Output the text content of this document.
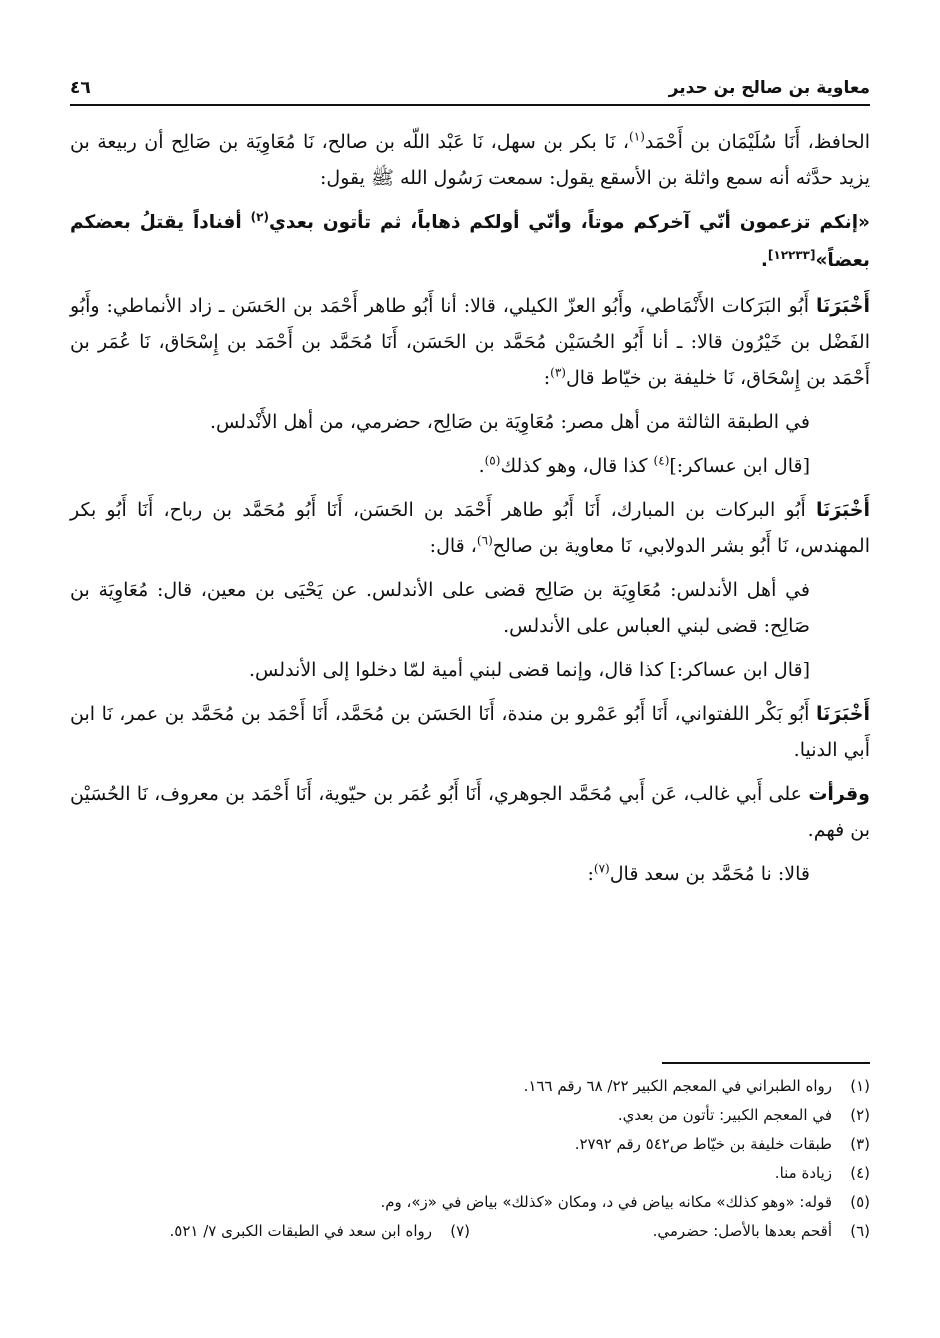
معاوية بن صالح بن حدير
٤٦

الحافظ، أَنَا سُلَيْمَان بن أَحْمَد$^{(١)}$، نَا بكر بن سهل، نَا عَبْد اللّه بن صالح، نَا مُعَاوِيَة بن صَالِح أن ربيعة بن يزيد حدَّثه أنه سمع واثلة بن الأسقع يقول: سمعت رَسُول الله ﷺ يقول:

«إنكم تزعمون أنّي آخركم موتاً، وأنّي أولكم ذهاباً، ثم تأتون بعدي$^{(٢)}$ أفناداً يقتلُ بعضكم بعضاً»[١٢٢٣٣].

أَخْبَرَنَا أَبُو البَرَكات الأَنْمَاطي، وأَبُو العزّ الكيلي، قالا: أنا أَبُو طاهر أَحْمَد بن الحَسَن ـ زاد الأنماطي: وأَبُو الفَضْل بن خَيْرُون قالا: ـ أنا أَبُو الحُسَيْن مُحَمَّد بن الحَسَن، أَنَا مُحَمَّد بن أَحْمَد بن إِسْحَاق، نَا عُمَر بن أَحْمَد بن إِسْحَاق، نَا خليفة بن خيّاط قال$^{(٣)}$:

في الطبقة الثالثة من أهل مصر: مُعَاوِيَة بن صَالِح، حضرمي، من أهل الأَنْدلس.

[قال ابن عساكر:]$^{(٤)}$ كذا قال، وهو كذلك$^{(٥)}$.

أَخْبَرَنَا أَبُو البركات بن المبارك، أَنَا أَبُو طاهر أَحْمَد بن الحَسَن، أَنَا أَبُو مُحَمَّد بن رباح، أَنَا أَبُو بكر المهندس، نَا أَبُو بشر الدولابي، نَا معاوية بن صالح$^{(٦)}$، قال:

في أهل الأندلس: مُعَاوِيَة بن صَالِح قضى على الأندلس. عن يَحْيَى بن معين، قال: مُعَاوِيَة بن صَالِح: قضى لبني العباس على الأندلس.

[قال ابن عساكر:] كذا قال، وإنما قضى لبني أمية لمّا دخلوا إلى الأندلس.

أَخْبَرَنَا أَبُو بَكْر اللفتواني، أَنَا أَبُو عَمْرو بن مندة، أَنَا الحَسَن بن مُحَمَّد، أَنَا أَحْمَد بن مُحَمَّد بن عمر، نَا ابن أَبي الدنيا.

وقرأت على أَبي غالب، عَن أَبي مُحَمَّد الجوهري، أَنَا أَبُو عُمَر بن حيّوية، أَنَا أَحْمَد بن معروف، نَا الحُسَيْن بن فهم.

قالا: نا مُحَمَّد بن سعد قال$^{(٧)}$:

(١)
رواه الطبراني في المعجم الكبير ٢٢/ ٦٨ رقم ١٦٦.
(٢)
في المعجم الكبير: تأتون من بعدي.
(٣)
طبقات خليفة بن خيّاط ص٥٤٢ رقم ٢٧٩٢.
(٤)
زيادة منا.
(٥)
قوله: «وهو كذلك» مكانه بياض في د، ومكان «كذلك» بياض في «ز»، وم.
(٦)
أقحم بعدها بالأصل: حضرمي.
(٧)
رواه ابن سعد في الطبقات الكبرى ٧/ ٥٢١.
